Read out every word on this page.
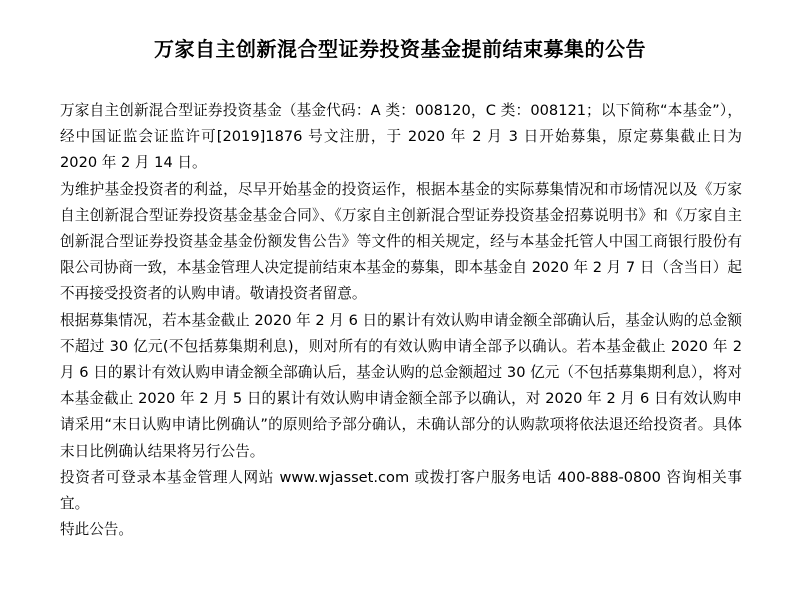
万家自主创新混合型证券投资基金提前结束募集的公告

万家自主创新混合型证券投资基金（基金代码：A 类：008120，C 类：008121；以下简称“本基金”），经中国证监会证监许可[2019]1876 号文注册，于 2020 年 2 月 3 日开始募集，原定募集截止日为 2020 年 2 月 14 日。

为维护基金投资者的利益，尽早开始基金的投资运作，根据本基金的实际募集情况和市场情况以及《万家自主创新混合型证券投资基金基金合同》、《万家自主创新混合型证券投资基金招募说明书》和《万家自主创新混合型证券投资基金基金份额发售公告》等文件的相关规定，经与本基金托管人中国工商银行股份有限公司协商一致，本基金管理人决定提前结束本基金的募集，即本基金自 2020 年 2 月 7 日（含当日）起不再接受投资者的认购申请。敬请投资者留意。

根据募集情况，若本基金截止 2020 年 2 月 6 日的累计有效认购申请金额全部确认后，基金认购的总金额不超过 30 亿元(不包括募集期利息)，则对所有的有效认购申请全部予以确认。若本基金截止 2020 年 2 月 6 日的累计有效认购申请金额全部确认后，基金认购的总金额超过 30 亿元（不包括募集期利息），将对本基金截止 2020 年 2 月 5 日的累计有效认购申请金额全部予以确认，对 2020 年 2 月 6 日有效认购申请采用“末日认购申请比例确认”的原则给予部分确认，未确认部分的认购款项将依法退还给投资者。具体末日比例确认结果将另行公告。

投资者可登录本基金管理人网站 www.wjasset.com 或拨打客户服务电话 400-888-0800 咨询相关事宜。

特此公告。
